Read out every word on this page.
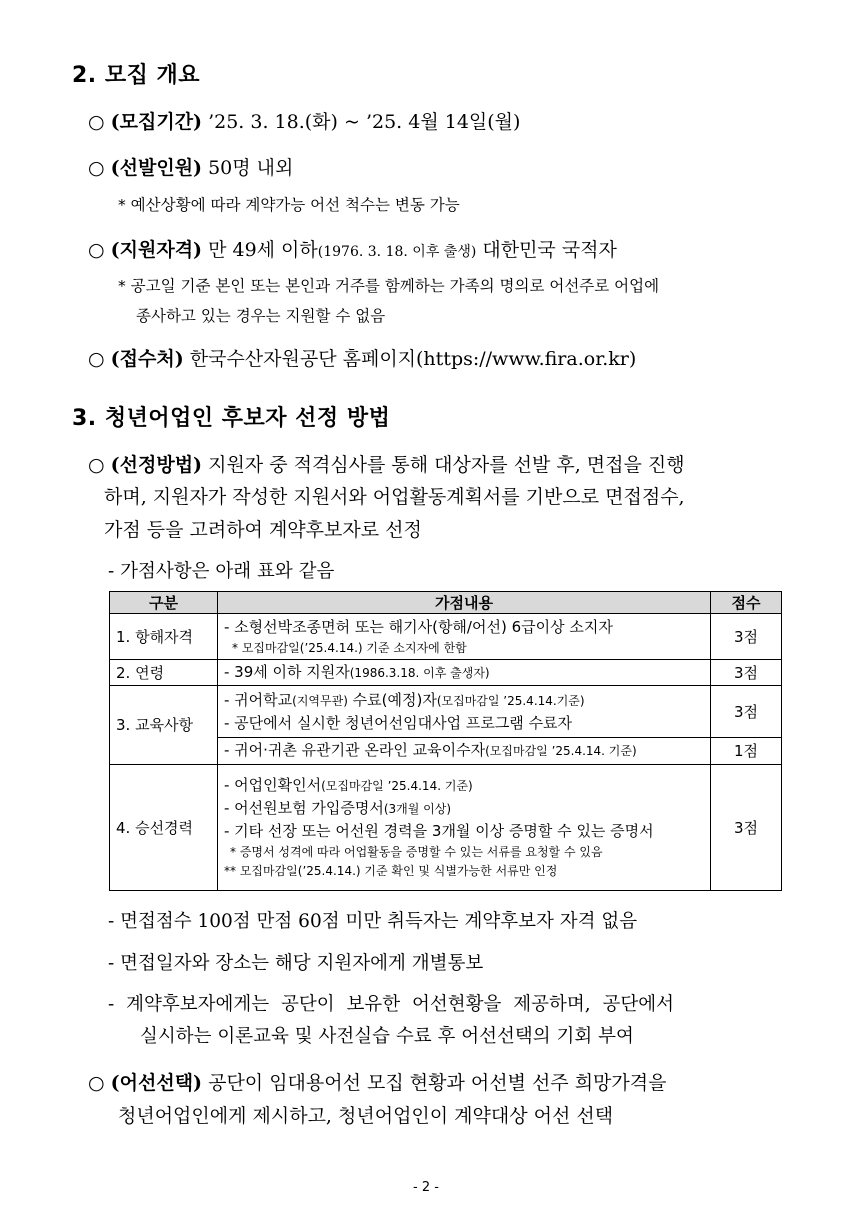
2. 모집 개요
○ (모집기간) ’25. 3. 18.(화) ~ ’25. 4월 14일(월)
○ (선발인원) 50명 내외
* 예산상황에 따라 계약가능 어선 척수는 변동 가능
○ (지원자격) 만 49세 이하(1976. 3. 18. 이후 출생) 대한민국 국적자
* 공고일 기준 본인 또는 본인과 거주를 함께하는 가족의 명의로 어선주로 어업에
종사하고 있는 경우는 지원할 수 없음
○ (접수처) 한국수산자원공단 홈페이지(https://www.fira.or.kr)
3. 청년어업인 후보자 선정 방법
○ (선정방법) 지원자 중 적격심사를 통해 대상자를 선발 후, 면접을 진행
하며, 지원자가 작성한 지원서와 어업활동계획서를 기반으로 면접점수,
가점 등을 고려하여 계약후보자로 선정
- 가점사항은 아래 표와 같음
구분	가점내용	점수
1. 항해자격	- 소형선박조종면허 또는 해기사(항해/어선) 6급이상 소지자
* 모집마감일(’25.4.14.) 기준 소지자에 한함	3점
2. 연령	- 39세 이하 지원자(1986.3.18. 이후 출생자)	3점
3. 교육사항	- 귀어학교(지역무관) 수료(예정)자(모집마감일 ’25.4.14.기준)
- 공단에서 실시한 청년어선임대사업 프로그램 수료자	3점

	- 귀어·귀촌 유관기관 온라인 교육이수자(모집마감일 ’25.4.14. 기준)	1점
4. 승선경력	- 어업인확인서(모집마감일 ’25.4.14. 기준)
- 어선원보험 가입증명서(3개월 이상)
- 기타 선장 또는 어선원 경력을 3개월 이상 증명할 수 있는 증명서
* 증명서 성격에 따라 어업활동을 증명할 수 있는 서류를 요청할 수 있음
** 모집마감일(’25.4.14.) 기준 확인 및 식별가능한 서류만 인정	3점
- 면접점수 100점 만점 60점 미만 취득자는 계약후보자 자격 없음
- 면접일자와 장소는 해당 지원자에게 개별통보
- 계약후보자에게는 공단이 보유한 어선현황을 제공하며, 공단에서
실시하는 이론교육 및 사전실습 수료 후 어선선택의 기회 부여
○ (어선선택) 공단이 임대용어선 모집 현황과 어선별 선주 희망가격을
청년어업인에게 제시하고, 청년어업인이 계약대상 어선 선택
- 2 -
